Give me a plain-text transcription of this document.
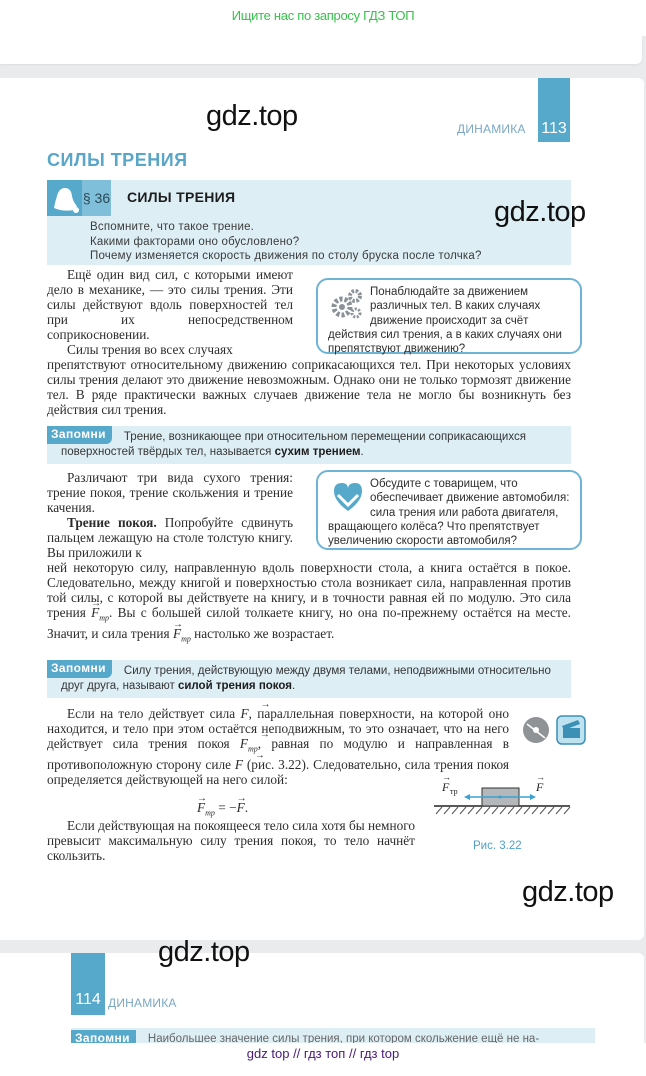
Ищите нас по запросу ГДЗ ТОП
113
ДИНАМИКА
gdz.top
СИЛЫ ТРЕНИЯ
§ 36 СИЛЫ ТРЕНИЯ
Вспомните, что такое трение.
Какими факторами оно обусловлено?
Почему изменяется скорость движения по столу бруска после толчка?
gdz.top

Ещё один вид сил, с которыми имеют дело в механике, — это силы трения. Эти силы действуют вдоль поверхностей тел при их непосредственном соприкосновении.

Силы трения во всех случаях

препятствуют относительному движению соприкасающихся тел. При некоторых условиях силы трения делают это движение невозможным. Однако они не только тормозят движение тел. В ряде практически важных случаев движение тела не могло бы возникнуть без действия сил трения.
Понаблюдайте за движением различных тел. В каких случаях движение происходит за счёт действия сил трения, а в каких случаях они препятствуют движению?
Запомни	Трение, возникающее при относительном перемещении соприкасающихся поверхностей твёрдых тел, называется сухим трением.

Различают три вида сухого трения: трение покоя, трение скольжения и трение качения.

Трение покоя. Попробуйте сдвинуть пальцем лежащую на столе толстую книгу. Вы приложили к

ней некоторую силу, направленную вдоль поверхности стола, а книга остаётся в покое. Следовательно, между книгой и поверхностью стола возникает сила, направленная против той силы, с которой вы действуете на книгу, и в точности равная ей по модулю. Это сила трения → $F_{тр}$. Вы с большей силой толкаете книгу, но она по-прежнему остаётся на месте. Значит, и сила трения → $F_{тр}$ настолько же возрастает.
Обсудите с товарищем, что обеспечивает движение автомобиля: сила трения или работа двигателя, вращающего колёса? Что препятствует увеличению скорости автомобиля?
Запомни	Силу трения, действующую между двумя телами, неподвижными относительно друг друга, называют силой трения покоя.

Если на тело действует сила → F, параллельная поверхности, на которой оно находится, и тело при этом остаётся неподвижным, то это означает, что на него действует сила трения покоя → $F_{тр}$, равная по модулю и направленная в противоположную сторону силе → F (рис. 3.22). Следовательно, сила трения покоя определяется действующей на него силой:

→ $F_{тр}$ = −→ F.

Если действующая на покоящееся тело сила хотя бы немного превысит максимальную силу трения покоя, то тело начнёт скользить.

F тр	F
→	→
Рис. 3.22
gdz.top
gdz.top
114 ДИНАМИКА
Запомни	Наибольшее значение силы трения, при котором скольжение ещё не на-
gdz top // гдз топ // гдз top
